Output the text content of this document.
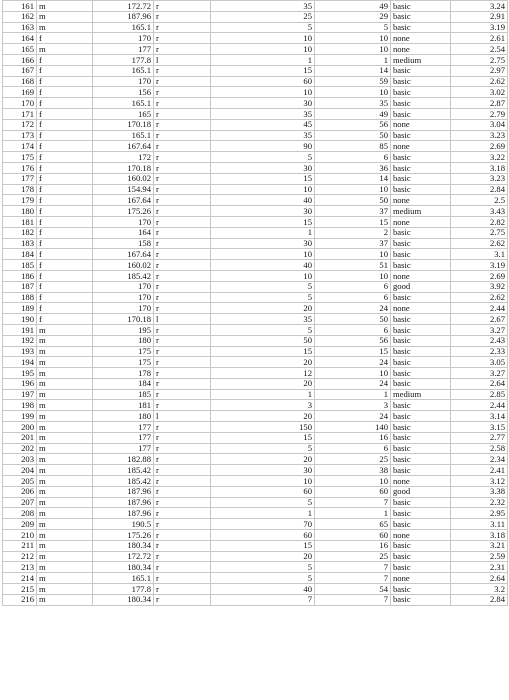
161	m	172.72	r	35	49	basic	3.24
162	m	187.96	r	25	29	basic	2.91
163	m	165.1	r	5	5	basic	3.19
164	f	170	r	10	10	none	2.61
165	m	177	r	10	10	none	2.54
166	f	177.8	l	1	1	medium	2.75
167	f	165.1	r	15	14	basic	2.97
168	f	170	r	60	59	basic	2.62
169	f	156	r	10	10	basic	3.02
170	f	165.1	r	30	35	basic	2.87
171	f	165	r	35	49	basic	2.79
172	f	170.18	r	45	56	none	3.04
173	f	165.1	r	35	50	basic	3.23
174	f	167.64	r	90	85	none	2.69
175	f	172	r	5	6	basic	3.22
176	f	170.18	r	30	36	basic	3.18
177	f	160.02	r	15	14	basic	3.23
178	f	154.94	r	10	10	basic	2.84
179	f	167.64	r	40	50	none	2.5
180	f	175.26	r	30	37	medium	3.43
181	f	170	r	15	15	none	2.82
182	f	164	r	1	2	basic	2.75
183	f	158	r	30	37	basic	2.62
184	f	167.64	r	10	10	basic	3.1
185	f	160.02	r	40	51	basic	3.19
186	f	185.42	r	10	10	none	2.69
187	f	170	r	5	6	good	3.92
188	f	170	r	5	6	basic	2.62
189	f	170	r	20	24	none	2.44
190	f	170.18	l	35	50	basic	2.67
191	m	195	r	5	6	basic	3.27
192	m	180	r	50	56	basic	2.43
193	m	175	r	15	15	basic	2.33
194	m	175	r	20	24	basic	3.05
195	m	178	r	12	10	basic	3.27
196	m	184	r	20	24	basic	2.64
197	m	185	r	1	1	medium	2.85
198	m	181	r	3	3	basic	2.44
199	m	180	l	20	24	basic	3.14
200	m	177	r	150	140	basic	3.15
201	m	177	r	15	16	basic	2.77
202	m	177	r	5	6	basic	2.58
203	m	182.88	r	20	25	basic	2.34
204	m	185.42	r	30	38	basic	2.41
205	m	185.42	r	10	10	none	3.12
206	m	187.96	r	60	60	good	3.38
207	m	187.96	r	5	7	basic	2.32
208	m	187.96	r	1	1	basic	2.95
209	m	190.5	r	70	65	basic	3.11
210	m	175.26	r	60	60	none	3.18
211	m	180.34	r	15	16	basic	3.21
212	m	172.72	r	20	25	basic	2.59
213	m	180.34	r	5	7	basic	2.31
214	m	165.1	r	5	7	none	2.64
215	m	177.8	r	40	54	basic	3.2
216	m	180.34	r	7	7	basic	2.84
